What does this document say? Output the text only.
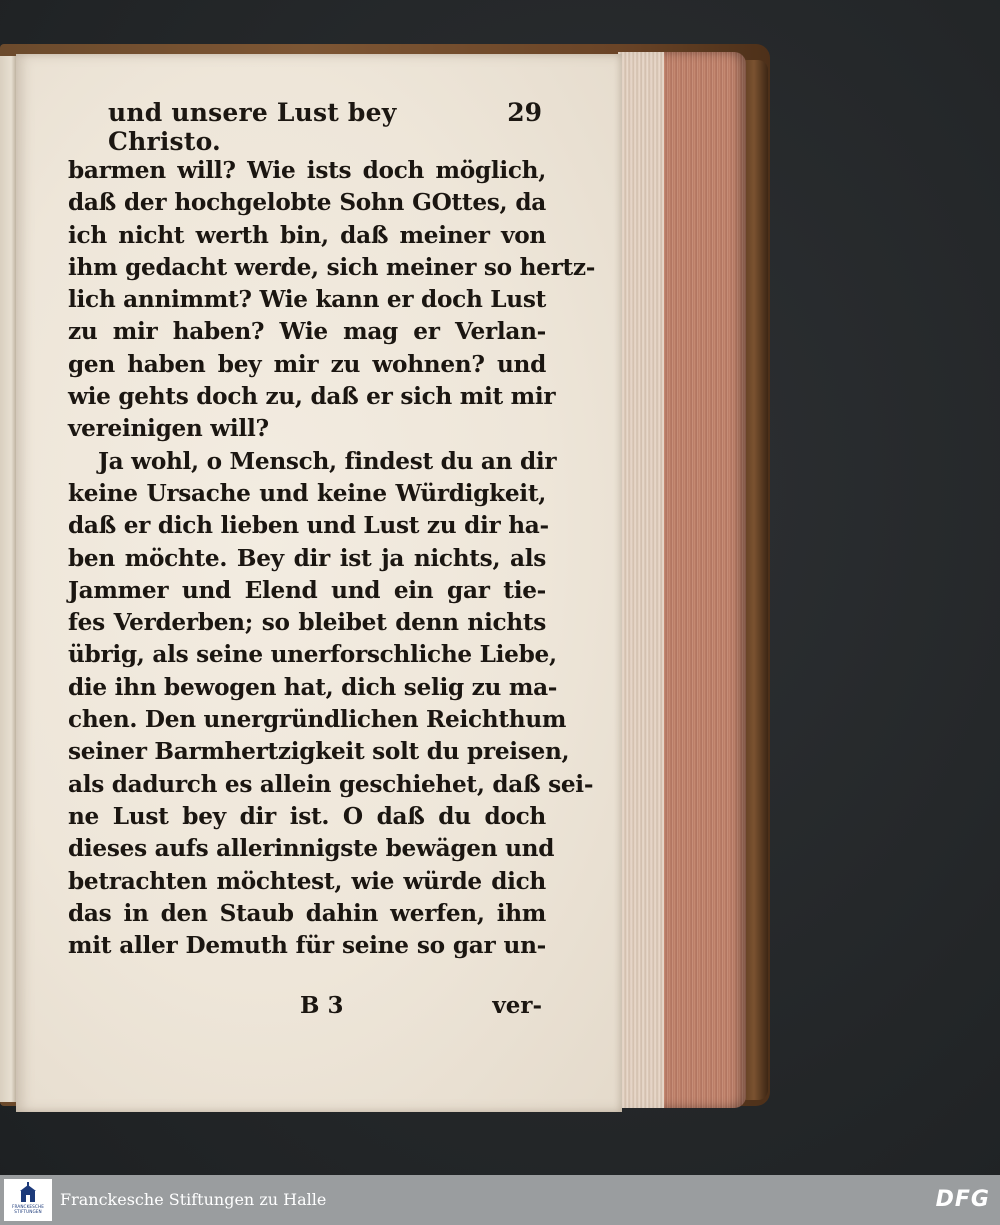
und unsere Lust bey Christo.
29
barmen will? Wie ists doch möglich,
daß der hochgelobte Sohn GOttes, da
ich nicht werth bin, daß meiner von
ihm gedacht werde, sich meiner so hertz-
lich annimmt? Wie kann er doch Lust
zu mir haben? Wie mag er Verlan-
gen haben bey mir zu wohnen? und
wie gehts doch zu, daß er sich mit mir
vereinigen will?
Ja wohl, o Mensch, findest du an dir
keine Ursache und keine Würdigkeit,
daß er dich lieben und Lust zu dir ha-
ben möchte. Bey dir ist ja nichts, als
Jammer und Elend und ein gar tie-
fes Verderben; so bleibet denn nichts
übrig, als seine unerforschliche Liebe,
die ihn bewogen hat, dich selig zu ma-
chen. Den unergründlichen Reichthum
seiner Barmhertzigkeit solt du preisen,
als dadurch es allein geschiehet, daß sei-
ne Lust bey dir ist. O daß du doch
dieses aufs allerinnigste bewägen und
betrachten möchtest, wie würde dich
das in den Staub dahin werfen, ihm
mit aller Demuth für seine so gar un-
B 3	ver-
FRANCKESCHE
STIFTUNGEN
Franckesche Stiftungen zu Halle	DFG
